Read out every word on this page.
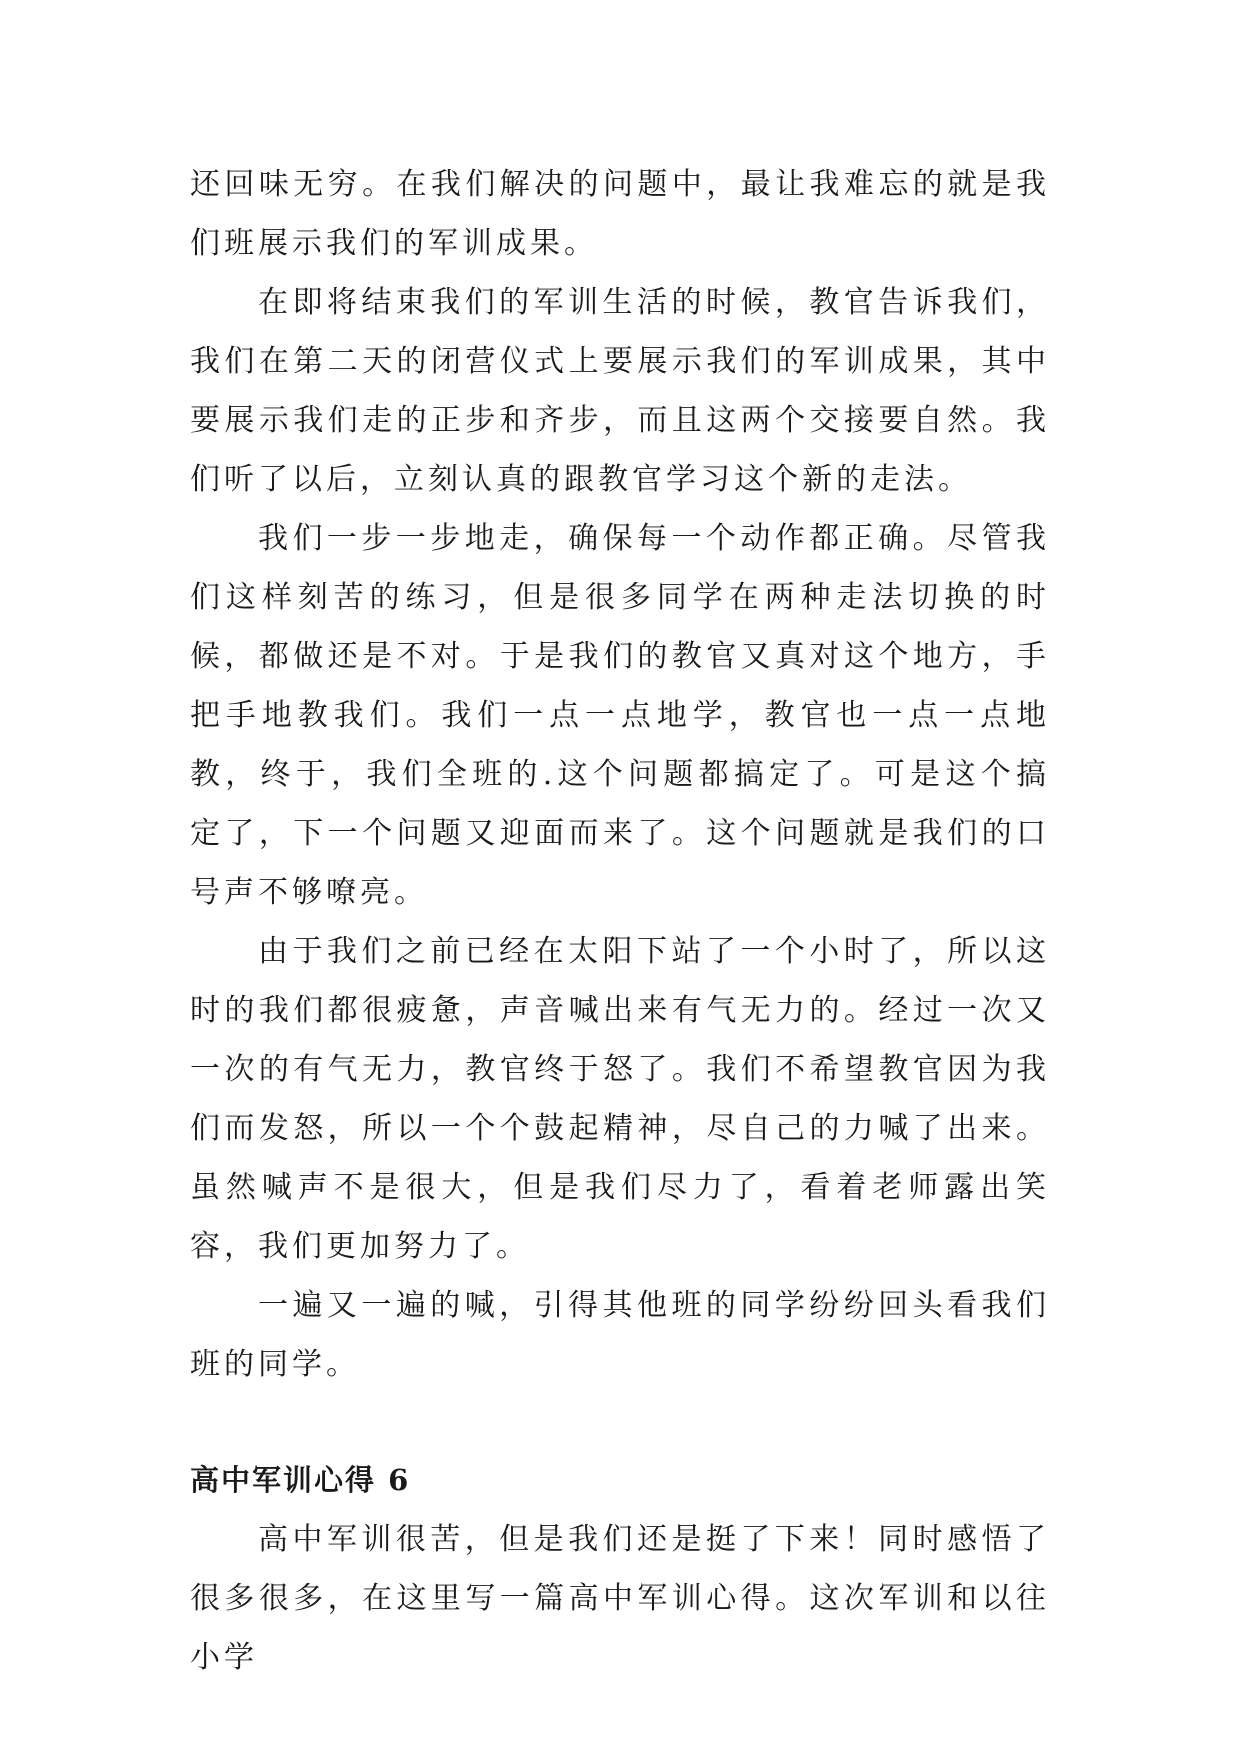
还回味无穷。在我们解决的问题中，最让我难忘的就是我们班展示我们的军训成果。

在即将结束我们的军训生活的时候，教官告诉我们，我们在第二天的闭营仪式上要展示我们的军训成果，其中要展示我们走的正步和齐步，而且这两个交接要自然。我们听了以后，立刻认真的跟教官学习这个新的走法。

我们一步一步地走，确保每一个动作都正确。尽管我们这样刻苦的练习，但是很多同学在两种走法切换的时候，都做还是不对。于是我们的教官又真对这个地方，手把手地教我们。我们一点一点地学，教官也一点一点地教，终于，我们全班的.这个问题都搞定了。可是这个搞定了，下一个问题又迎面而来了。这个问题就是我们的口号声不够嘹亮。

由于我们之前已经在太阳下站了一个小时了，所以这时的我们都很疲惫，声音喊出来有气无力的。经过一次又一次的有气无力，教官终于怒了。我们不希望教官因为我们而发怒，所以一个个鼓起精神，尽自己的力喊了出来。虽然喊声不是很大，但是我们尽力了，看着老师露出笑容，我们更加努力了。

一遍又一遍的喊，引得其他班的同学纷纷回头看我们班的同学。

高中军训心得 6

高中军训很苦，但是我们还是挺了下来！同时感悟了很多很多，在这里写一篇高中军训心得。这次军训和以往小学
